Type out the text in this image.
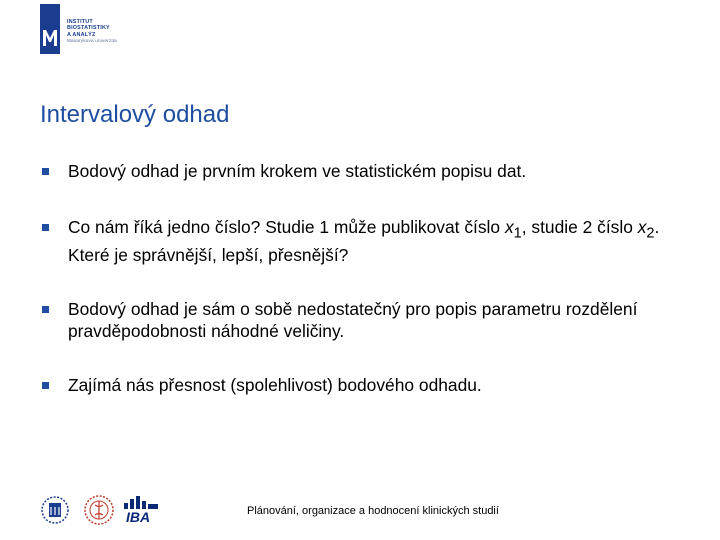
INSTITUT
BIOSTATISTIKY
A ANALÝZ
Masarykova univerzita
Intervalový odhad
Bodový odhad je prvním krokem ve statistickém popisu dat.
Co nám říká jedno číslo? Studie 1 může publikovat číslo $x_1$, studie 2 číslo $x_2$. Které je správnější, lepší, přesnější?
Bodový odhad je sám o sobě nedostatečný pro popis parametru rozdělení pravděpodobnosti náhodné veličiny.
Zajímá nás přesnost (spolehlivost) bodového odhadu.
IBA	Plánování, organizace a hodnocení klinických studií
